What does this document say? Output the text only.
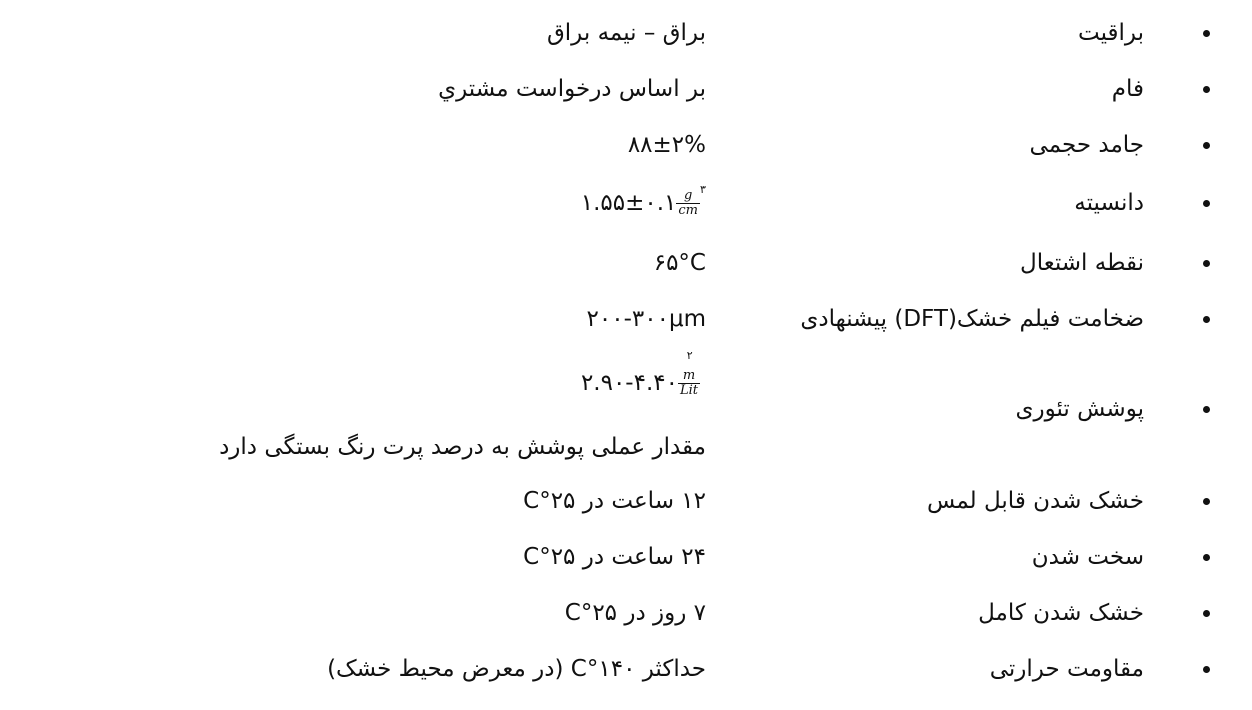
براقیت
براق – نیمه براق
فام
بر اساس درخواست مشتري
جامد حجمی
۸۸±۲%
دانسیته
$\frac{g ۳}{cm}$
۱.۵۵±۰.۱
نقطه اشتعال
۶۵°C
ضخامت فیلم خشک(DFT) پیشنهادی
۲۰۰-۳۰۰μm
پوشش تئوری
۲
m
Lit
۲.۹۰-۴.۴۰
مقدار عملی پوشش به درصد پرت رنگ بستگی دارد
خشک شدن قابل لمس
۱۲ ساعت در ۲۵°C
سخت شدن
۲۴ ساعت در ۲۵°C
خشک شدن کامل
۷ روز در ۲۵°C
مقاومت حرارتی
حداکثر ۱۴۰°C (در معرض محیط خشک)
